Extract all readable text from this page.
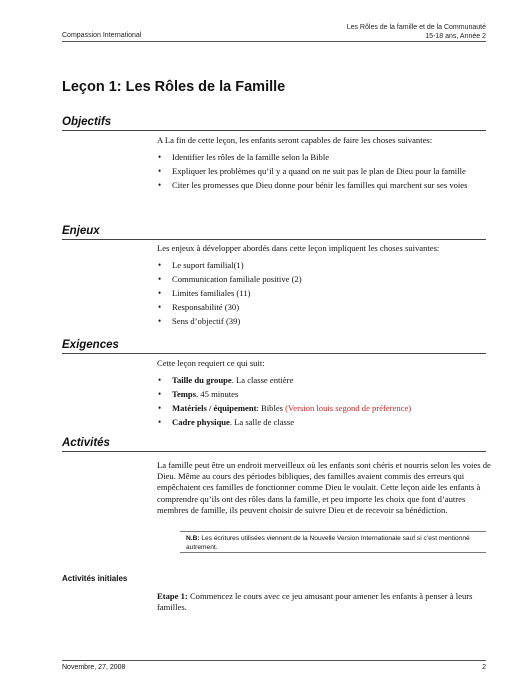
Compassion International
Les Rôles de la famille et de la Communauté
15-18 ans, Année 2
Leçon 1: Les Rôles de la Famille
Objectifs
A La fin de cette leçon, les enfants seront capables de faire les choses suivantes:
• Identifier les rôles de la famille selon la Bible
• Expliquer les problèmes qu’il y a quand on ne suit pas le plan de Dieu pour la famille
• Citer les promesses que Dieu donne pour bénir les familles qui marchent sur ses voies
Enjeux
Les enjeux à développer abordés dans cette leçon impliquent les choses suivantes:
• Le suport familial(1)
• Communication familiale positive (2)
• Limites familiales (11)
• Responsabilité (30)
• Sens d’objectif (39)
Exigences
Cette leçon requiert ce qui suit:
• Taille du groupe. La classe entière
• Temps. 45 minutes
• Matériels / équipement: Bibles (Version louis segond de préference)
• Cadre physique. La salle de classe
Activités
La famille peut être un endroit merveilleux où les enfants sont chéris et nourris selon les voies de Dieu. Même au cours des périodes bibliques, des familles avaient commis des erreurs qui empêchaient ces familles de fonctionner comme Dieu le voulait. Cette leçon aide les enfants à comprendre qu’ils ont des rôles dans la famille, et peu importe les choix que font d’autres membres de famille, ils peuvent choisir de suivre Dieu et de recevoir sa bénédiction.
N.B: Les écritures utilisées viennent de la Nouvelle Version Internationale sauf si c’est mentionné autrement.
Activités initiales
Etape 1: Commencez le cours avec ce jeu amusant pour amener les enfants à penser à leurs familles.
Novembre, 27, 2008	2
